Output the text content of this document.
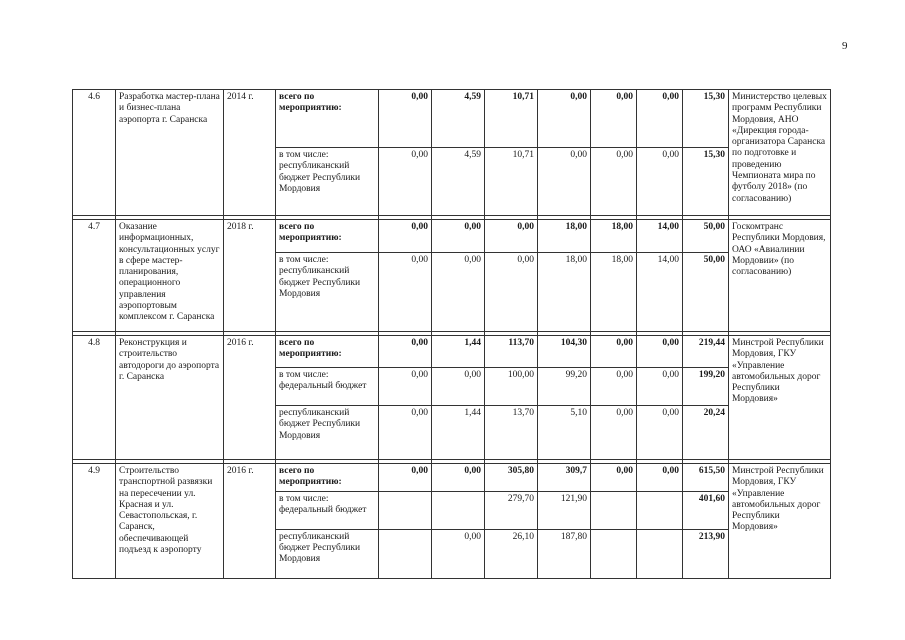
9
4.6	Разработка мастер-плана и бизнес-плана аэропорта г. Саранска	2014 г.	всего по мероприятию:	0,00	4,59	10,71	0,00	0,00	0,00	15,30	Министерство целевых программ Республики Мордовия, АНО «Дирекция города-организатора Саранска по подготовке и проведению Чемпионата мира по футболу 2018» (по согласованию)
			в том числе: республиканский бюджет Республики Мордовия	0,00	4,59	10,71	0,00	0,00	0,00	15,30	

4.7	Оказание информационных, консультационных услуг в сфере мастер-планирования, операционного управления аэропортовым комплексом г. Саранска	2018 г.	всего по мероприятию:	0,00	0,00	0,00	18,00	18,00	14,00	50,00	Госкомтранс Республики Мордовия, ОАО «Авиалинии Мордовии» (по согласованию)
			в том числе: республиканский бюджет Республики Мордовия	0,00	0,00	0,00	18,00	18,00	14,00	50,00	

4.8	Реконструкция и строительство автодороги до аэропорта г. Саранска	2016 г.	всего по мероприятию:	0,00	1,44	113,70	104,30	0,00	0,00	219,44	Минстрой Республики Мордовия, ГКУ «Управление автомобильных дорог Республики Мордовия»
			в том числе: федеральный бюджет	0,00	0,00	100,00	99,20	0,00	0,00	199,20	
			республиканский бюджет Республики Мордовия	0,00	1,44	13,70	5,10	0,00	0,00	20,24	

4.9	Строительство транспортной развязки на пересечении ул. Красная и ул. Севастопольская, г. Саранск, обеспечивающей подъезд к аэропорту	2016 г.	всего по мероприятию:	0,00	0,00	305,80	309,7	0,00	0,00	615,50	Минстрой Республики Мордовия, ГКУ «Управление автомобильных дорог Республики Мордовия»
			в том числе: федеральный бюджет			279,70	121,90			401,60	
			республиканский бюджет Республики Мордовия		0,00	26,10	187,80			213,90	
